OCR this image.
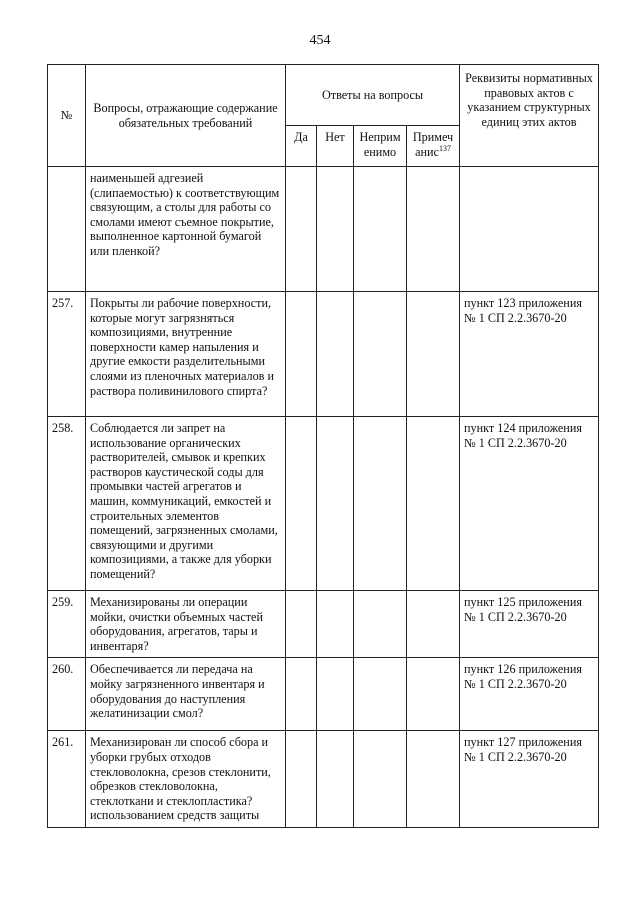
454
№	Вопросы, отражающие содержание обязательных требований	Ответы на вопросы				Реквизиты нормативных правовых актов с указанием структурных единиц этих актов
		Да	Нет	Неприм енимо	Примеч анис$^{137}$
	наименьшей адгезией (слипаемостью) к соответствующим связующим, а столы для работы со смолами имеют съемное покрытие, выполненное картонной бумагой или пленкой?					
257.	Покрыты ли рабочие поверхности, которые могут загрязняться композициями, внутренние поверхности камер напыления и другие емкости разделительными слоями из пленочных материалов и раствора поливинилового спирта?					пункт 123 приложения № 1 СП 2.2.3670-20
258.	Соблюдается ли запрет на использование органических растворителей, смывок и крепких растворов каустической соды для промывки частей агрегатов и машин, коммуникаций, емкостей и строительных элементов помещений, загрязненных смолами, связующими и другими композициями, а также для уборки помещений?					пункт 124 приложения № 1 СП 2.2.3670-20
259.	Механизированы ли операции мойки, очистки объемных частей оборудования, агрегатов, тары и инвентаря?					пункт 125 приложения № 1 СП 2.2.3670-20
260.	Обеспечивается ли передача на мойку загрязненного инвентаря и оборудования до наступления желатинизации смол?					пункт 126 приложения № 1 СП 2.2.3670-20
261.	Механизирован ли способ сбора и уборки грубых отходов стекловолокна, срезов стеклонити, обрезков стекловолокна, стеклоткани и стеклопластика? использованием средств защиты					пункт 127 приложения № 1 СП 2.2.3670-20
